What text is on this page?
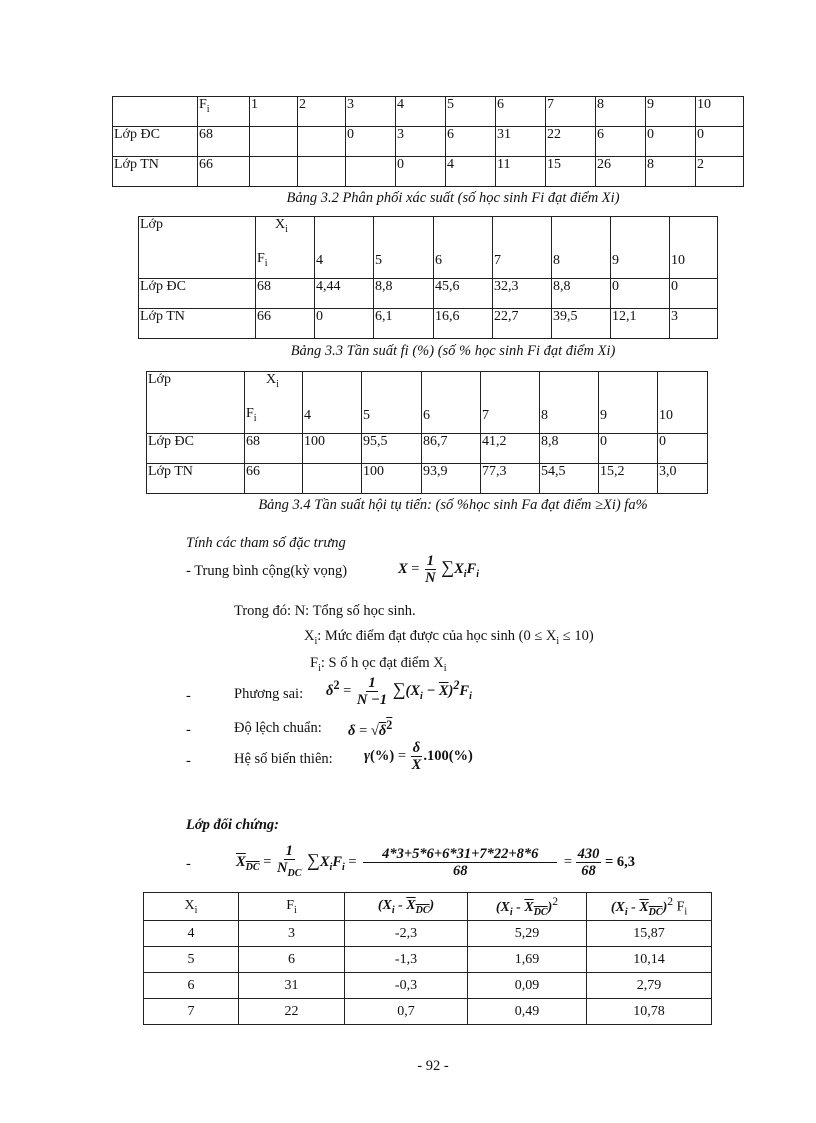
	$F_i$	1	2	3	4	5	6	7	8	9	10
Lớp ĐC	68			0	3	6	31	22	6	0	0
Lớp TN	66				0	4	11	15	26	8	2
Bảng 3.2 Phân phối xác suất (số học sinh Fi đạt điểm Xi)
Lớp	$X_i$
$F_i$	4	5	6	7	8	9	10
Lớp ĐC	68	4,44	8,8	45,6	32,3	8,8	0	0
Lớp TN	66	0	6,1	16,6	22,7	39,5	12,1	3
Bảng 3.3 Tần suất fi (%) (số % học sinh Fi đạt điểm Xi)
Lớp	$X_i$
$F_i$	4	5	6	7	8	9	10
Lớp ĐC	68	100	95,5	86,7	41,2	8,8	0	0
Lớp TN	66		100	93,9	77,3	54,5	15,2	3,0
Bảng 3.4 Tần suất hội tụ tiến: (số %học sinh Fa đạt điểm ≥Xi) fa%
Tính các tham số đặc trưng
- Trung bình cộng(kỳ vọng)	$X = \frac{1}{N} \sum X_iF_i$
Trong đó: N: Tổng số học sinh.
$X_i$: Mức điểm đạt được của học $\sinh (0 \le X_i \le 10)$
$F_i$: S ố h ọc đạt điểm $X_i$
-	Phương sai: $\delta^2 = \frac{1}{N -1} \sum(X_i - \overline{X})^2F_i$
-	Độ lệch chuẩn: $\delta = √\delta^2$
-	Hệ số biến thiên: $\gamma(\%) = \frac{\delta}{X} .100(\%)$
Lớp đối chứng:
-	$X_{DC} = \frac{1}{N_{DC}} \sum X_iF_i = \frac{4*3+5*6+6*31+7*22+8*6}{68} = \frac{430}{68} = 6,3$
$X_i$	$F_i$	$(X_i - X_{DC})$	$(X_i - X_{DC})^2$	$(X_i - X_{DC})^2$ $F_i$
4	3	-2,3	5,29	15,87
5	6	-1,3	1,69	10,14
6	31	-0,3	0,09	2,79
7	22	0,7	0,49	10,78
- 92 -
